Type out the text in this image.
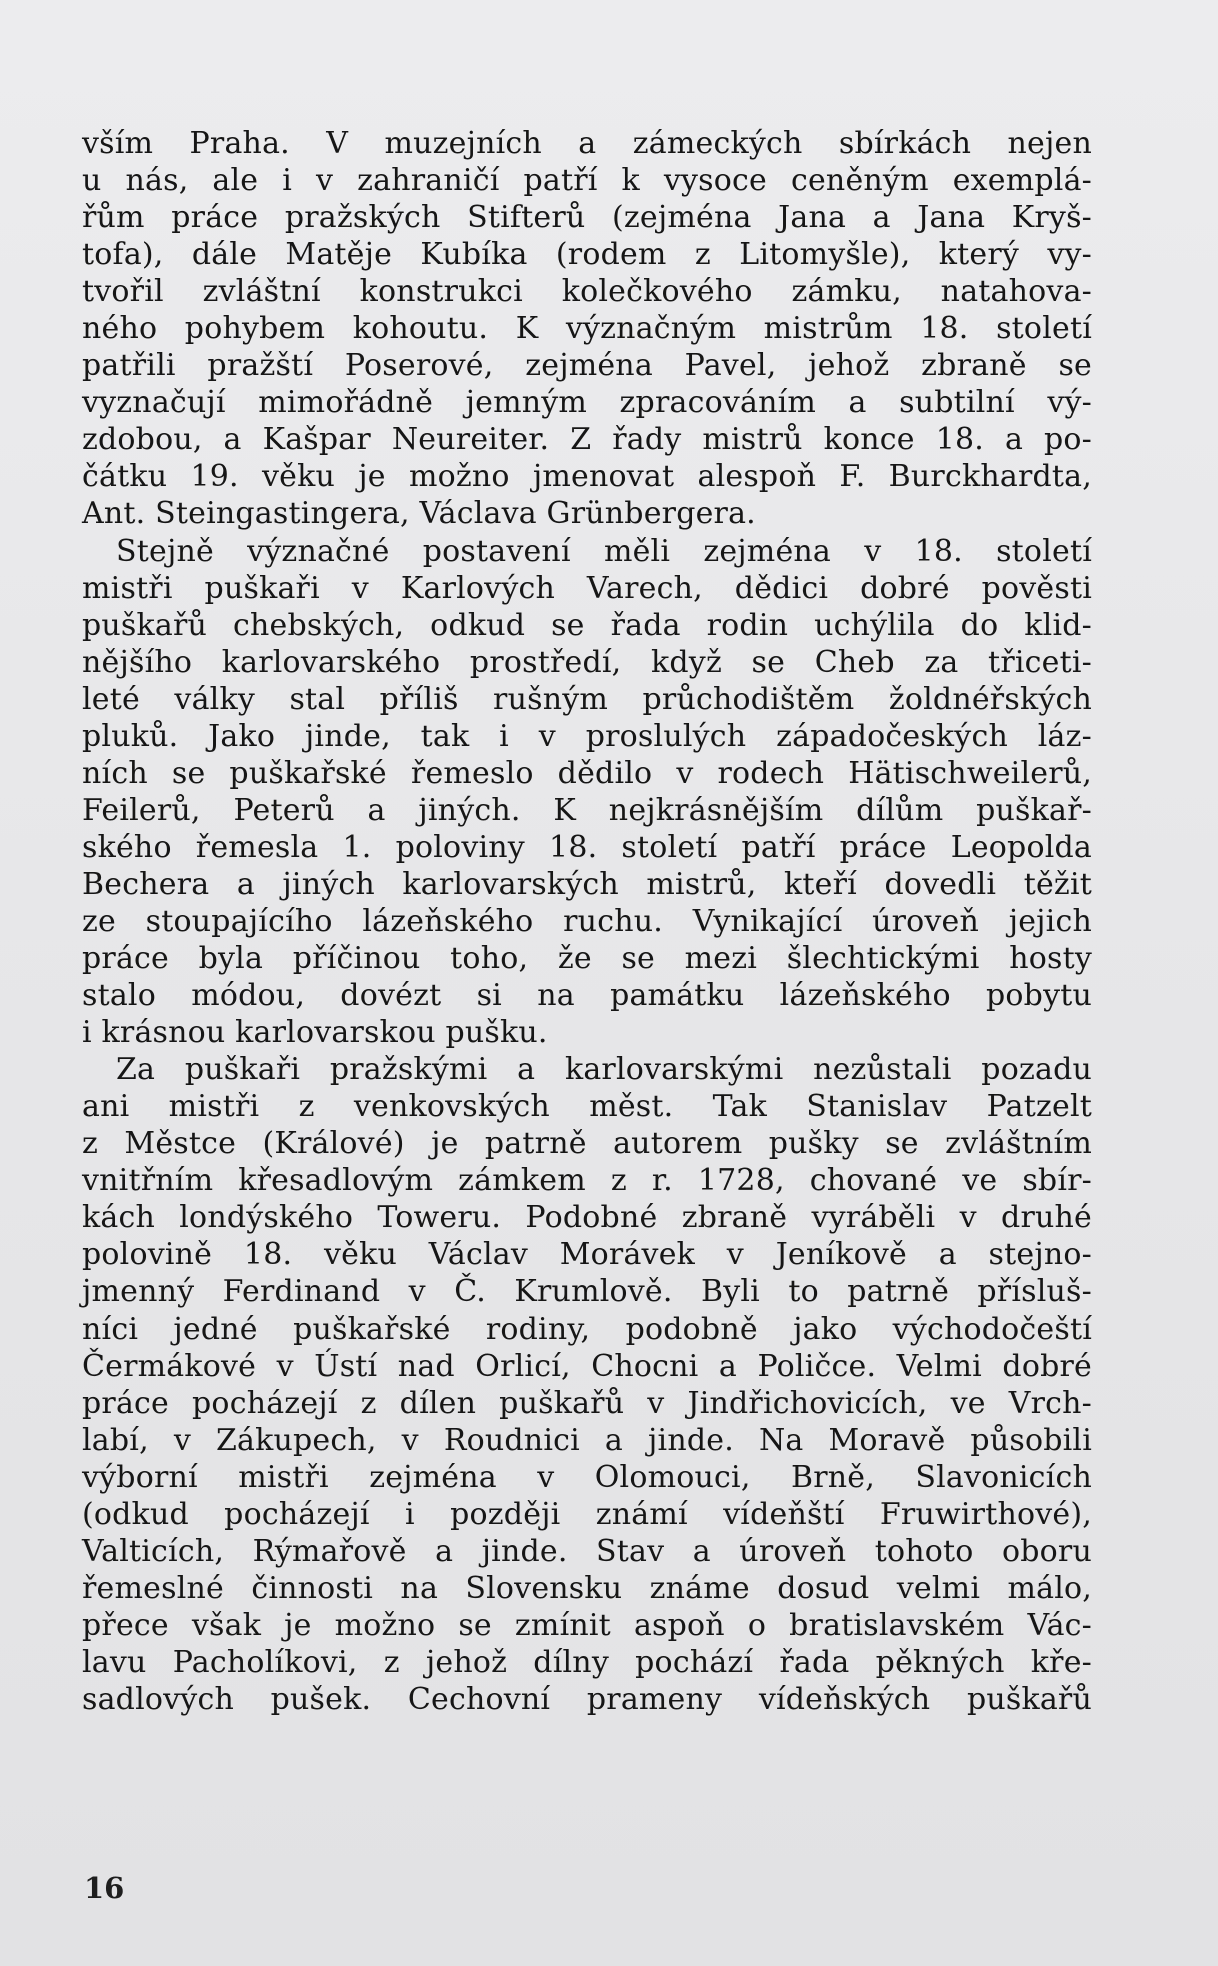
vším Praha. V muzejních a zámeckých sbírkách nejen
u nás, ale i v zahraničí patří k vysoce ceněným exemplá-
řům práce pražských Stifterů (zejména Jana a Jana Kryš-
tofa), dále Matěje Kubíka (rodem z Litomyšle), který vy-
tvořil zvláštní konstrukci kolečkového zámku, natahova-
ného pohybem kohoutu. K význačným mistrům 18. století
patřili pražští Poserové, zejména Pavel, jehož zbraně se
vyznačují mimořádně jemným zpracováním a subtilní vý-
zdobou, a Kašpar Neureiter. Z řady mistrů konce 18. a po-
čátku 19. věku je možno jmenovat alespoň F. Burckhardta,
Ant. Steingastingera, Václava Grünbergera.
Stejně význačné postavení měli zejména v 18. století
mistři puškaři v Karlových Varech, dědici dobré pověsti
puškařů chebských, odkud se řada rodin uchýlila do klid-
nějšího karlovarského prostředí, když se Cheb za třiceti-
leté války stal příliš rušným průchodištěm žoldnéřských
pluků. Jako jinde, tak i v proslulých západočeských láz-
ních se puškařské řemeslo dědilo v rodech Hätischweilerů,
Feilerů, Peterů a jiných. K nejkrásnějším dílům puškař-
ského řemesla 1. poloviny 18. století patří práce Leopolda
Bechera a jiných karlovarských mistrů, kteří dovedli těžit
ze stoupajícího lázeňského ruchu. Vynikající úroveň jejich
práce byla příčinou toho, že se mezi šlechtickými hosty
stalo módou, dovézt si na památku lázeňského pobytu
i krásnou karlovarskou pušku.
Za puškaři pražskými a karlovarskými nezůstali pozadu
ani mistři z venkovských měst. Tak Stanislav Patzelt
z Městce (Králové) je patrně autorem pušky se zvláštním
vnitřním křesadlovým zámkem z r. 1728, chované ve sbír-
kách londýského Toweru. Podobné zbraně vyráběli v druhé
polovině 18. věku Václav Morávek v Jeníkově a stejno-
jmenný Ferdinand v Č. Krumlově. Byli to patrně přísluš-
níci jedné puškařské rodiny, podobně jako východočeští
Čermákové v Ústí nad Orlicí, Chocni a Poličce. Velmi dobré
práce pocházejí z dílen puškařů v Jindřichovicích, ve Vrch-
labí, v Zákupech, v Roudnici a jinde. Na Moravě působili
výborní mistři zejména v Olomouci, Brně, Slavonicích
(odkud pocházejí i později známí vídeňští Fruwirthové),
Valticích, Rýmařově a jinde. Stav a úroveň tohoto oboru
řemeslné činnosti na Slovensku známe dosud velmi málo,
přece však je možno se zmínit aspoň o bratislavském Vác-
lavu Pacholíkovi, z jehož dílny pochází řada pěkných kře-
sadlových pušek. Cechovní prameny vídeňských puškařů
16
